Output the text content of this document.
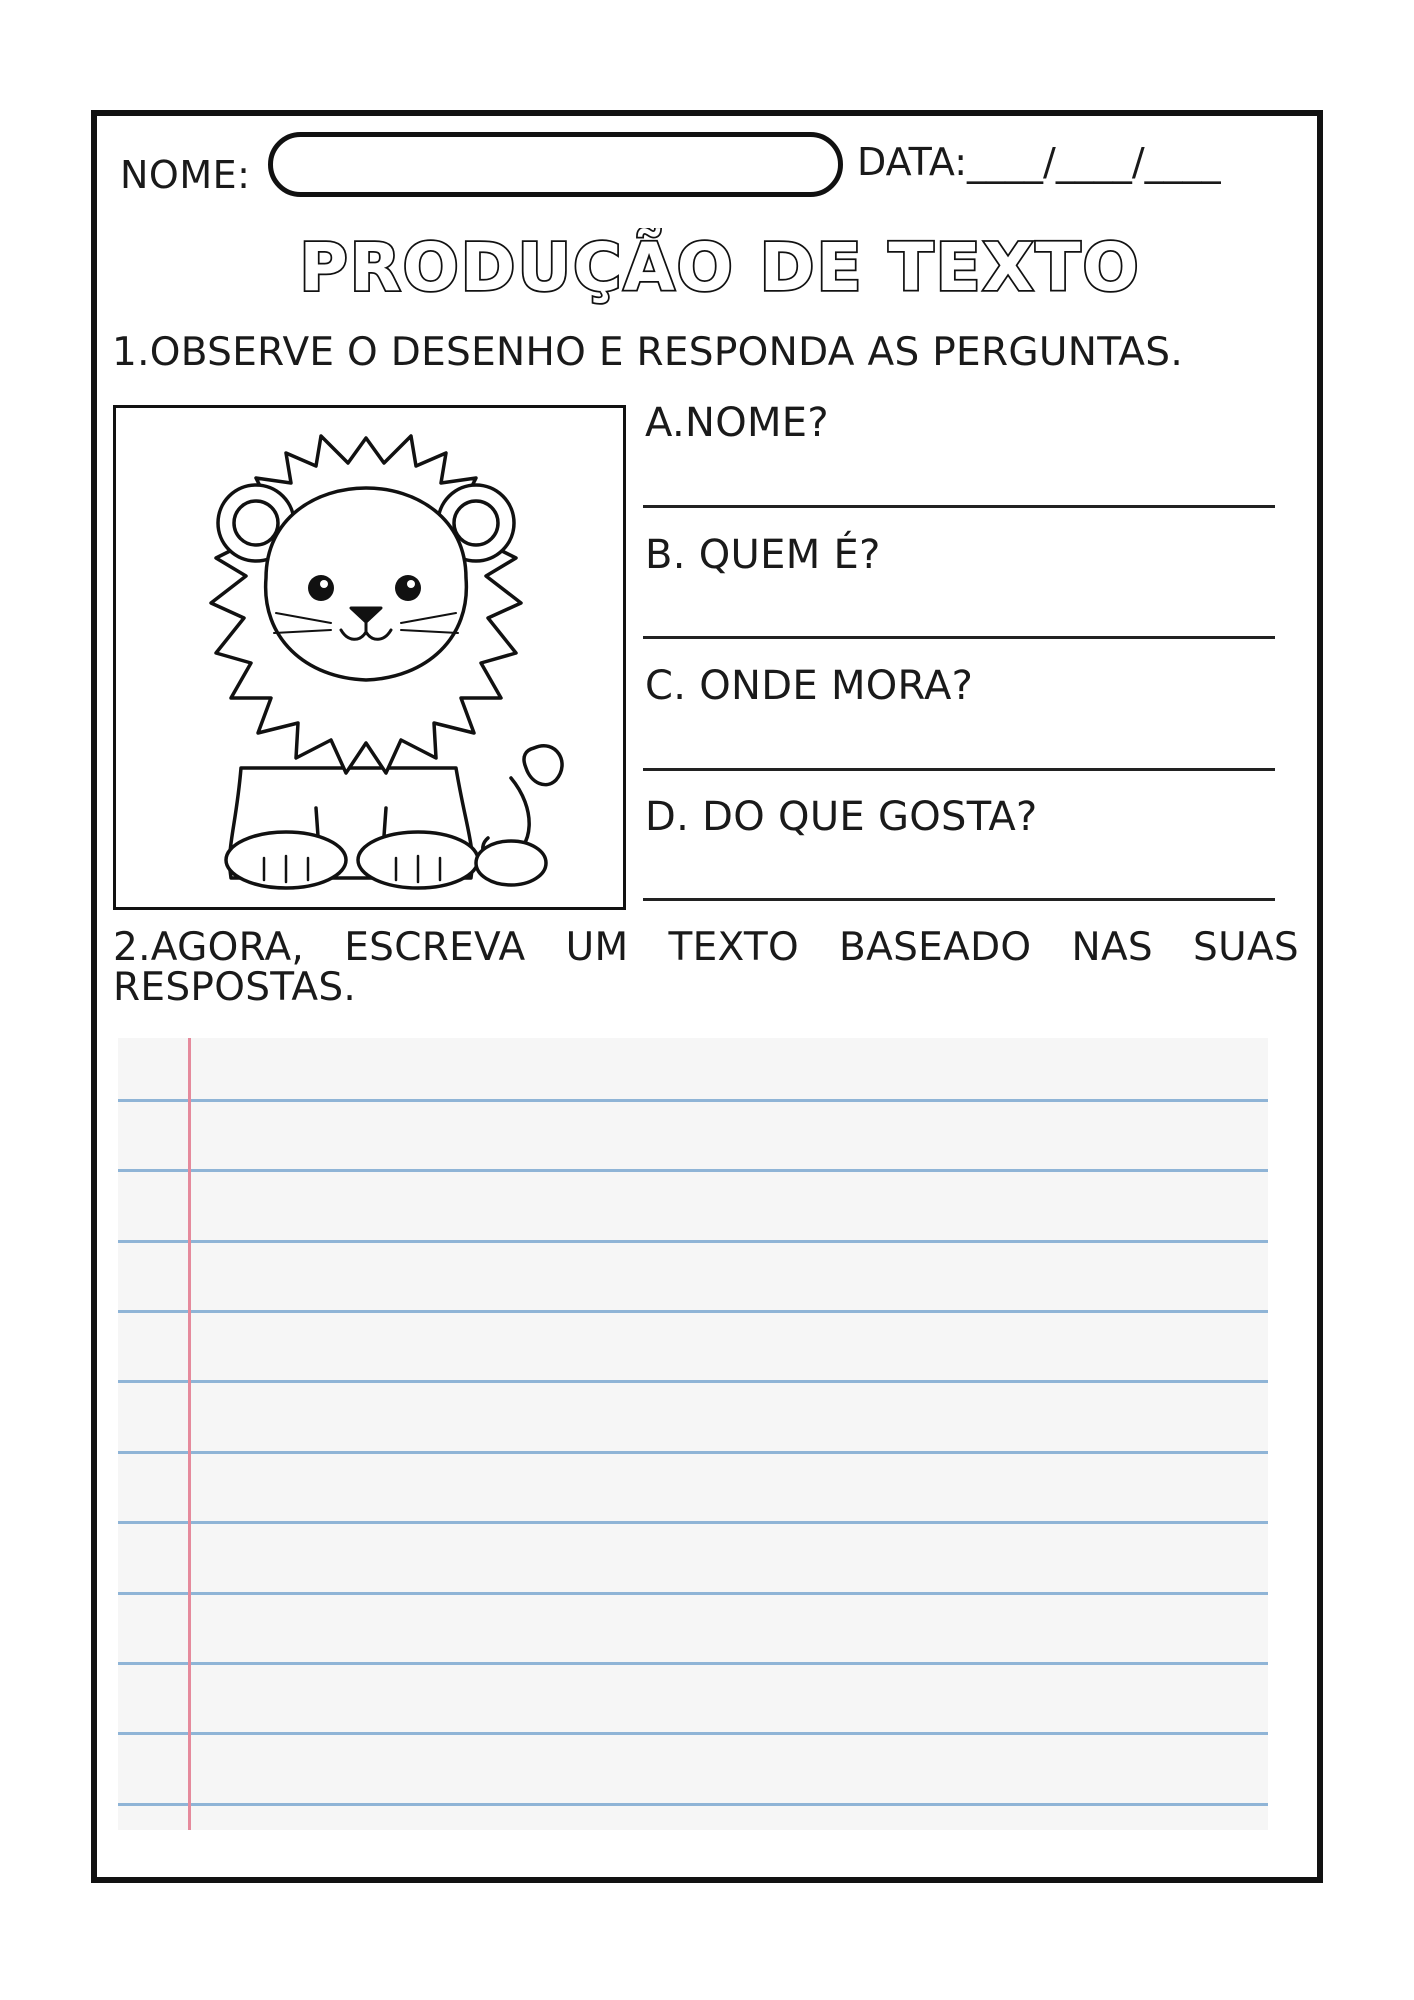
NOME:	DATA:____/____/____
PRODUÇÃO DE TEXTO
1.OBSERVE O DESENHO E RESPONDA AS PERGUNTAS.
A.NOME?
B. QUEM É?
C. ONDE MORA?
D. DO QUE GOSTA?
2.AGORA, ESCREVA UM TEXTO BASEADO NAS SUAS RESPOSTAS.
